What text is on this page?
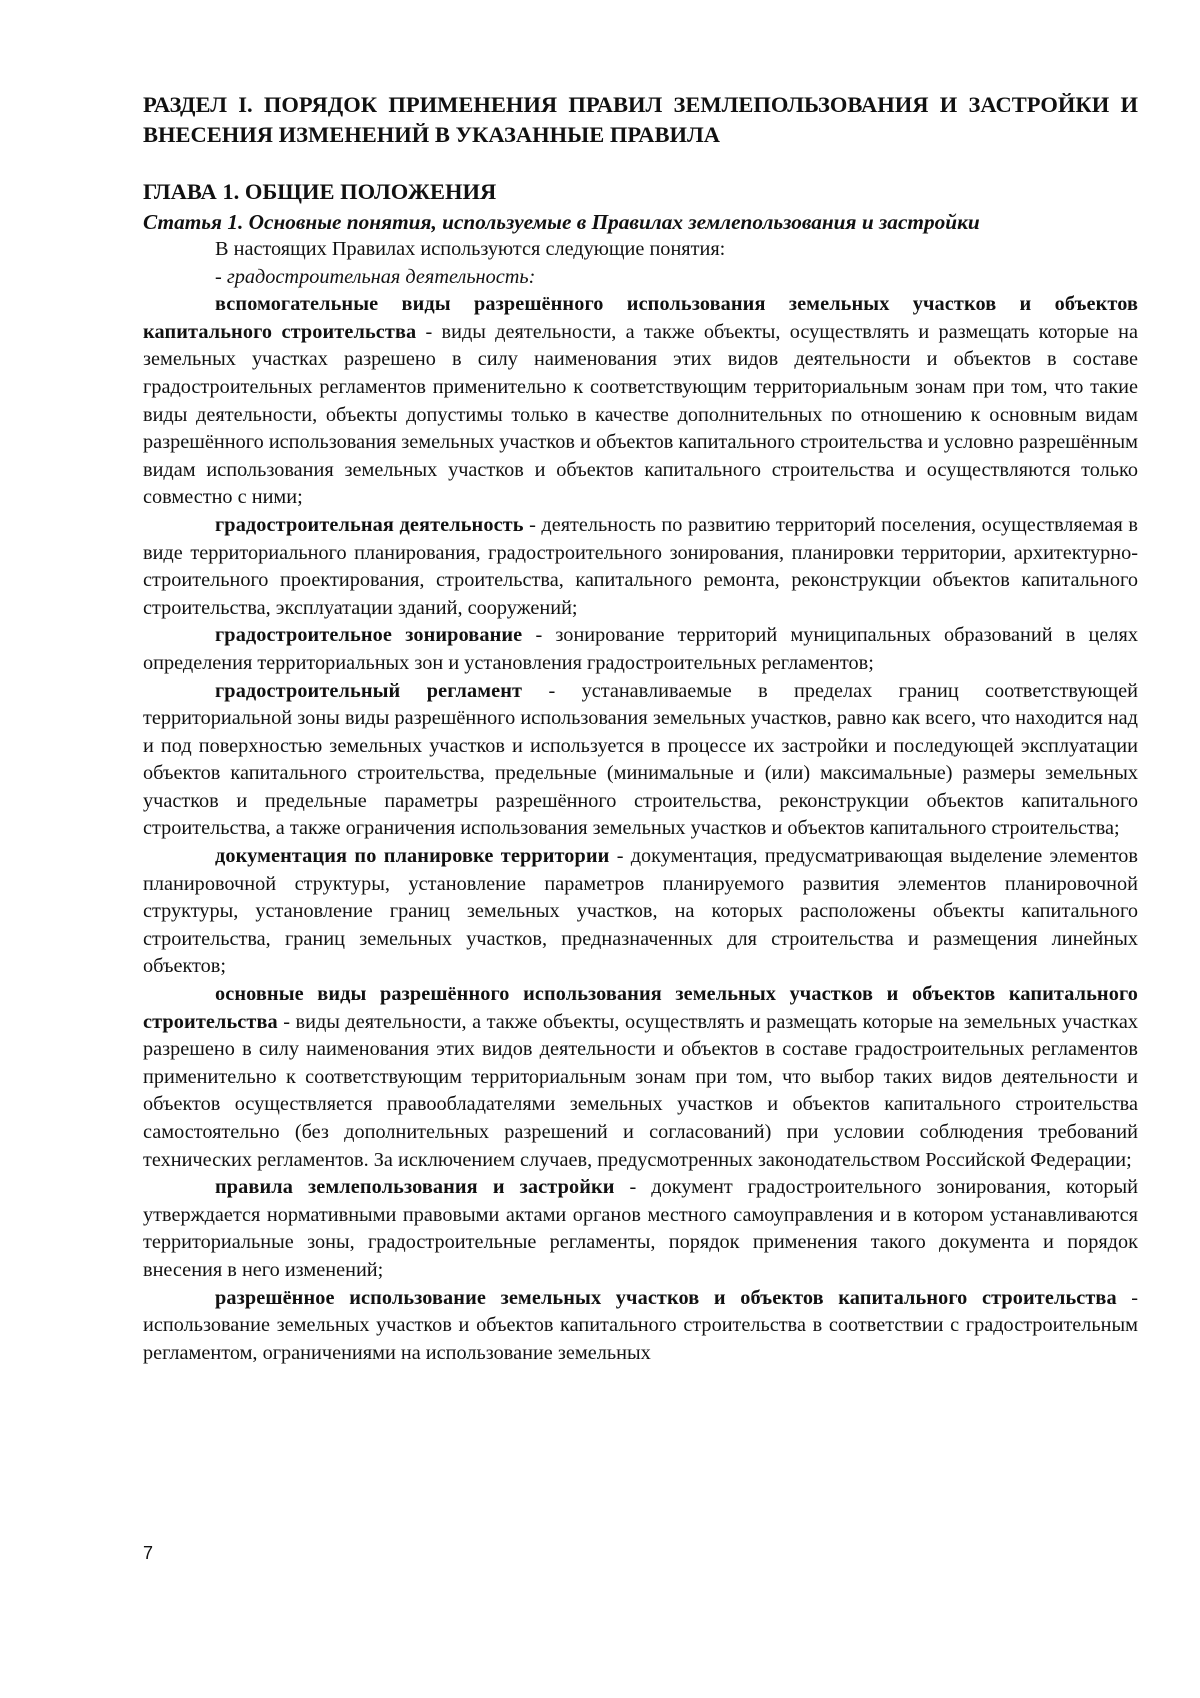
РАЗДЕЛ I. ПОРЯДОК ПРИМЕНЕНИЯ ПРАВИЛ ЗЕМЛЕПОЛЬЗОВАНИЯ И ЗАСТРОЙКИ И ВНЕСЕНИЯ ИЗМЕНЕНИЙ В УКАЗАННЫЕ ПРАВИЛА
ГЛАВА 1. ОБЩИЕ ПОЛОЖЕНИЯ
Статья 1. Основные понятия, используемые в Правилах землепользования и застройки

В настоящих Правилах используются следующие понятия:

- градостроительная деятельность:

вспомогательные виды разрешённого использования земельных участков и объектов капитального строительства - виды деятельности, а также объекты, осуществлять и размещать которые на земельных участках разрешено в силу наименования этих видов деятельности и объектов в составе градостроительных регламентов применительно к соответствующим территориальным зонам при том, что такие виды деятельности, объекты допустимы только в качестве дополнительных по отношению к основным видам разрешённого использования земельных участков и объектов капитального строительства и условно разрешённым видам использования земельных участков и объектов капитального строительства и осуществляются только совместно с ними;

градостроительная деятельность - деятельность по развитию территорий поселения, осуществляемая в виде территориального планирования, градостроительного зонирования, планировки территории, архитектурно-строительного проектирования, строительства, капитального ремонта, реконструкции объектов капитального строительства, эксплуатации зданий, сооружений;

градостроительное зонирование - зонирование территорий муниципальных образований в целях определения территориальных зон и установления градостроительных регламентов;

градостроительный регламент - устанавливаемые в пределах границ соответствующей территориальной зоны виды разрешённого использования земельных участков, равно как всего, что находится над и под поверхностью земельных участков и используется в процессе их застройки и последующей эксплуатации объектов капитального строительства, предельные (минимальные и (или) максимальные) размеры земельных участков и предельные параметры разрешённого строительства, реконструкции объектов капитального строительства, а также ограничения использования земельных участков и объектов капитального строительства;

документация по планировке территории - документация, предусматривающая выделение элементов планировочной структуры, установление параметров планируемого развития элементов планировочной структуры, установление границ земельных участков, на которых расположены объекты капитального строительства, границ земельных участков, предназначенных для строительства и размещения линейных объектов;

основные виды разрешённого использования земельных участков и объектов капитального строительства - виды деятельности, а также объекты, осуществлять и размещать которые на земельных участках разрешено в силу наименования этих видов деятельности и объектов в составе градостроительных регламентов применительно к соответствующим территориальным зонам при том, что выбор таких видов деятельности и объектов осуществляется правообладателями земельных участков и объектов капитального строительства самостоятельно (без дополнительных разрешений и согласований) при условии соблюдения требований технических регламентов. За исключением случаев, предусмотренных законодательством Российской Федерации;

правила землепользования и застройки - документ градостроительного зонирования, который утверждается нормативными правовыми актами органов местного самоуправления и в котором устанавливаются территориальные зоны, градостроительные регламенты, порядок применения такого документа и порядок внесения в него изменений;

разрешённое использование земельных участков и объектов капитального строительства - использование земельных участков и объектов капитального строительства в соответствии с градостроительным регламентом, ограничениями на использование земельных

7
